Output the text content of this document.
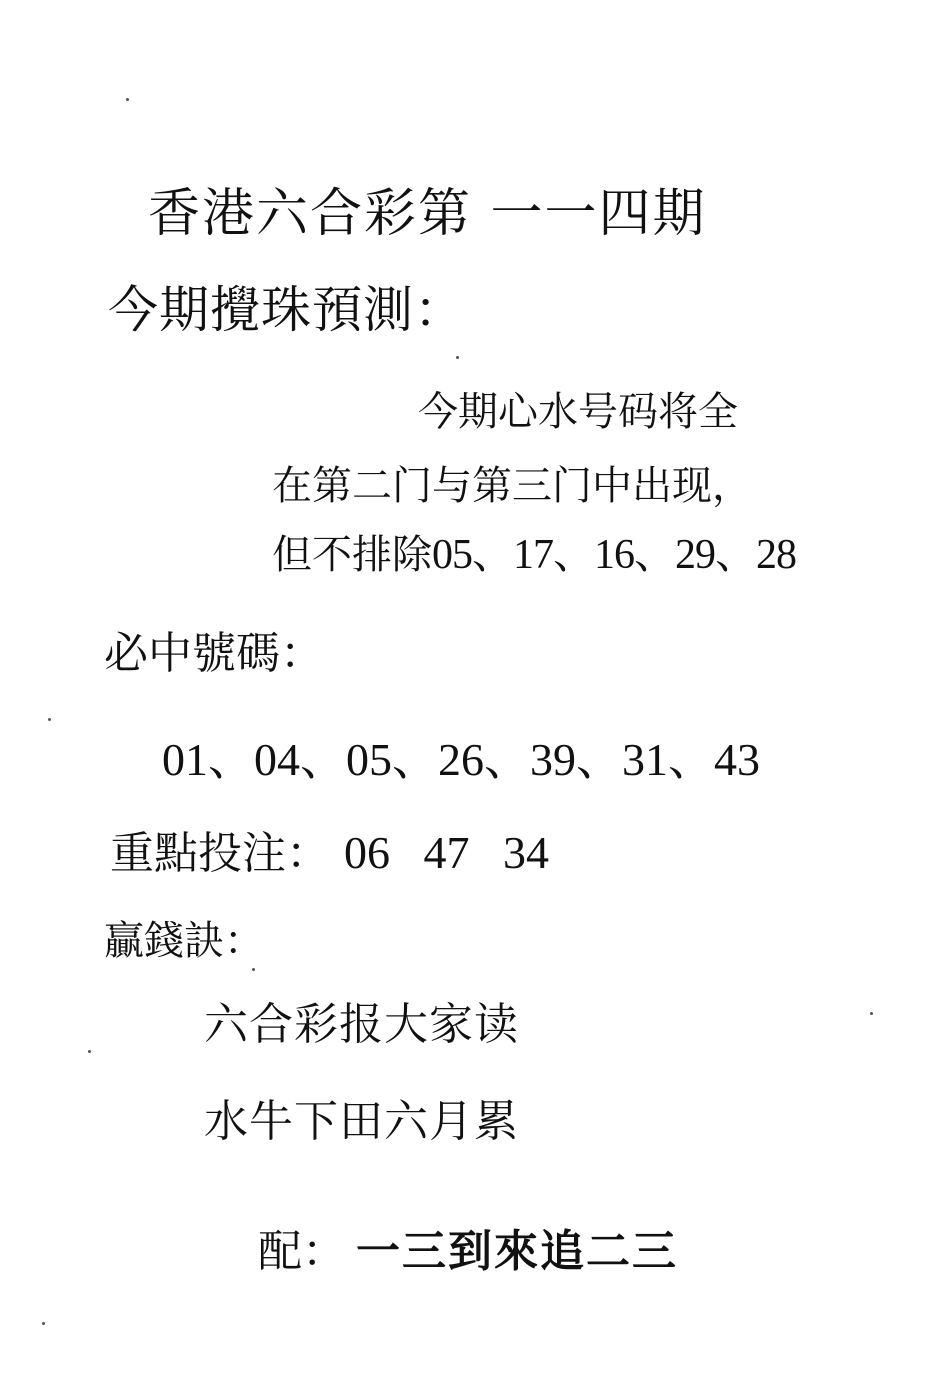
香港六合彩第 一一四期
今期攪珠預測：
今期心水号码将全
在第二门与第三门中出现，
但不排除05、17、16、29、28
必中號碼：
01、04、05、26、39、31、43
重點投注： 06 47 34
贏錢訣：
六合彩报大家读
水牛下田六月累
配： 一三到來追二三
